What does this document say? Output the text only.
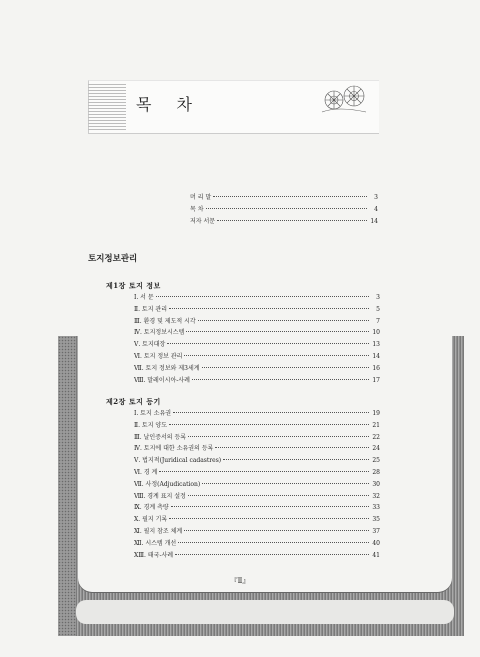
목 차
머 리 말	3
목 차	4
저자 서문	14
토지정보관리
제1장 토지 정보
Ⅰ. 서 문	3
Ⅱ. 토지 관리	5
Ⅲ. 환경 및 제도적 시각	7
Ⅳ. 토지정보시스템	10
Ⅴ. 토지대장	13
Ⅵ. 토지 정보 관리	14
Ⅶ. 토지 정보와 제3세계	16
Ⅷ. 말레이시아-사례	17
제2장 토지 등기
Ⅰ. 토지 소유권	19
Ⅱ. 토지 양도	21
Ⅲ. 날인증서의 등록	22
Ⅳ. 토지에 대한 소유권의 등록	24
Ⅴ. 법지적(Juridical cadastres)	25
Ⅵ. 경 계	28
Ⅶ. 사정(Adjudication)	30
Ⅷ. 경계 표지 설정	32
Ⅸ. 경계 측량	33
Ⅹ. 필지 기록	35
Ⅺ. 필지 참조 체계	37
Ⅻ. 시스템 개선	40
XⅢ. 태국-사례	41
『Ⅱ』
